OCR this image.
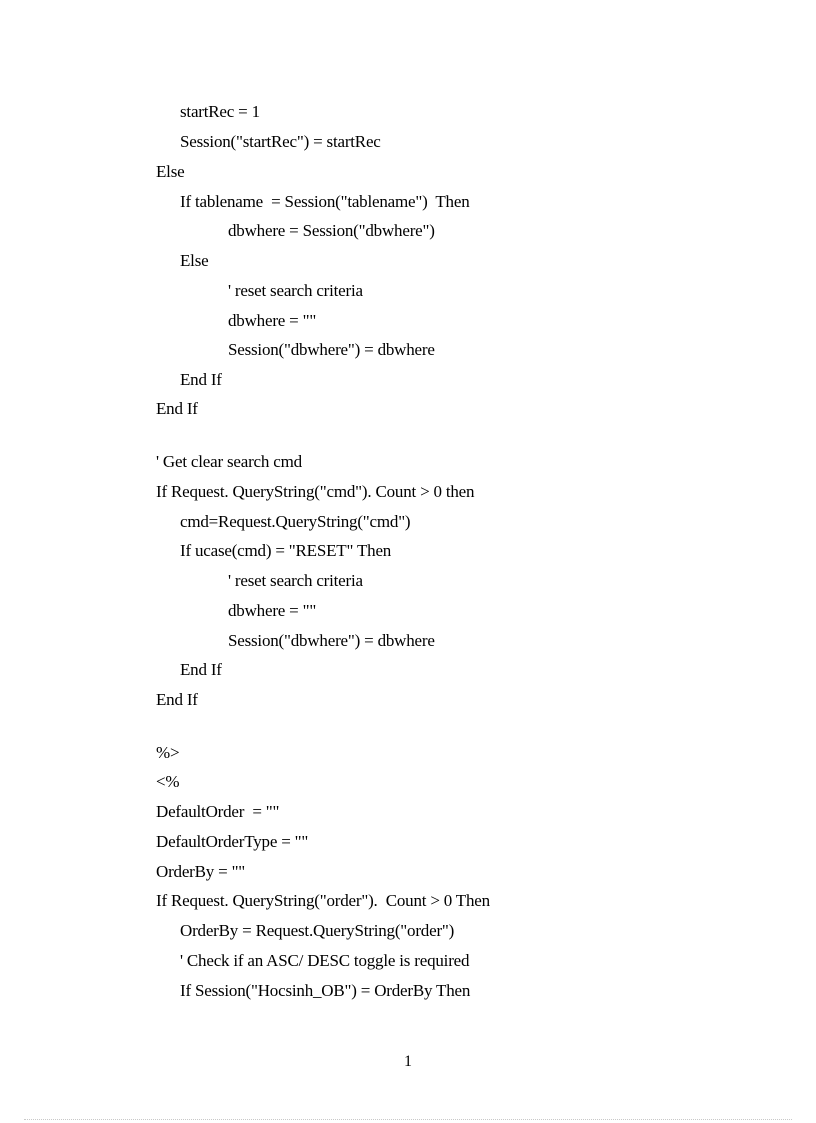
startRec = 1
Session("startRec") = startRec
Else
If tablename  = Session("tablename")  Then
dbwhere = Session("dbwhere")
Else
' reset search criteria
dbwhere = ""
Session("dbwhere") = dbwhere
End If
End If
' Get clear search cmd
If Request. QueryString("cmd"). Count > 0 then
cmd=Request.QueryString("cmd")
If ucase(cmd) = "RESET" Then
' reset search criteria
dbwhere = ""
Session("dbwhere") = dbwhere
End If
End If
%>
<%
DefaultOrder  = ""
DefaultOrderType = ""
OrderBy = ""
If Request. QueryString("order").  Count > 0 Then
OrderBy = Request.QueryString("order")
' Check if an ASC/ DESC toggle is required
If Session("Hocsinh_OB") = OrderBy Then
1
